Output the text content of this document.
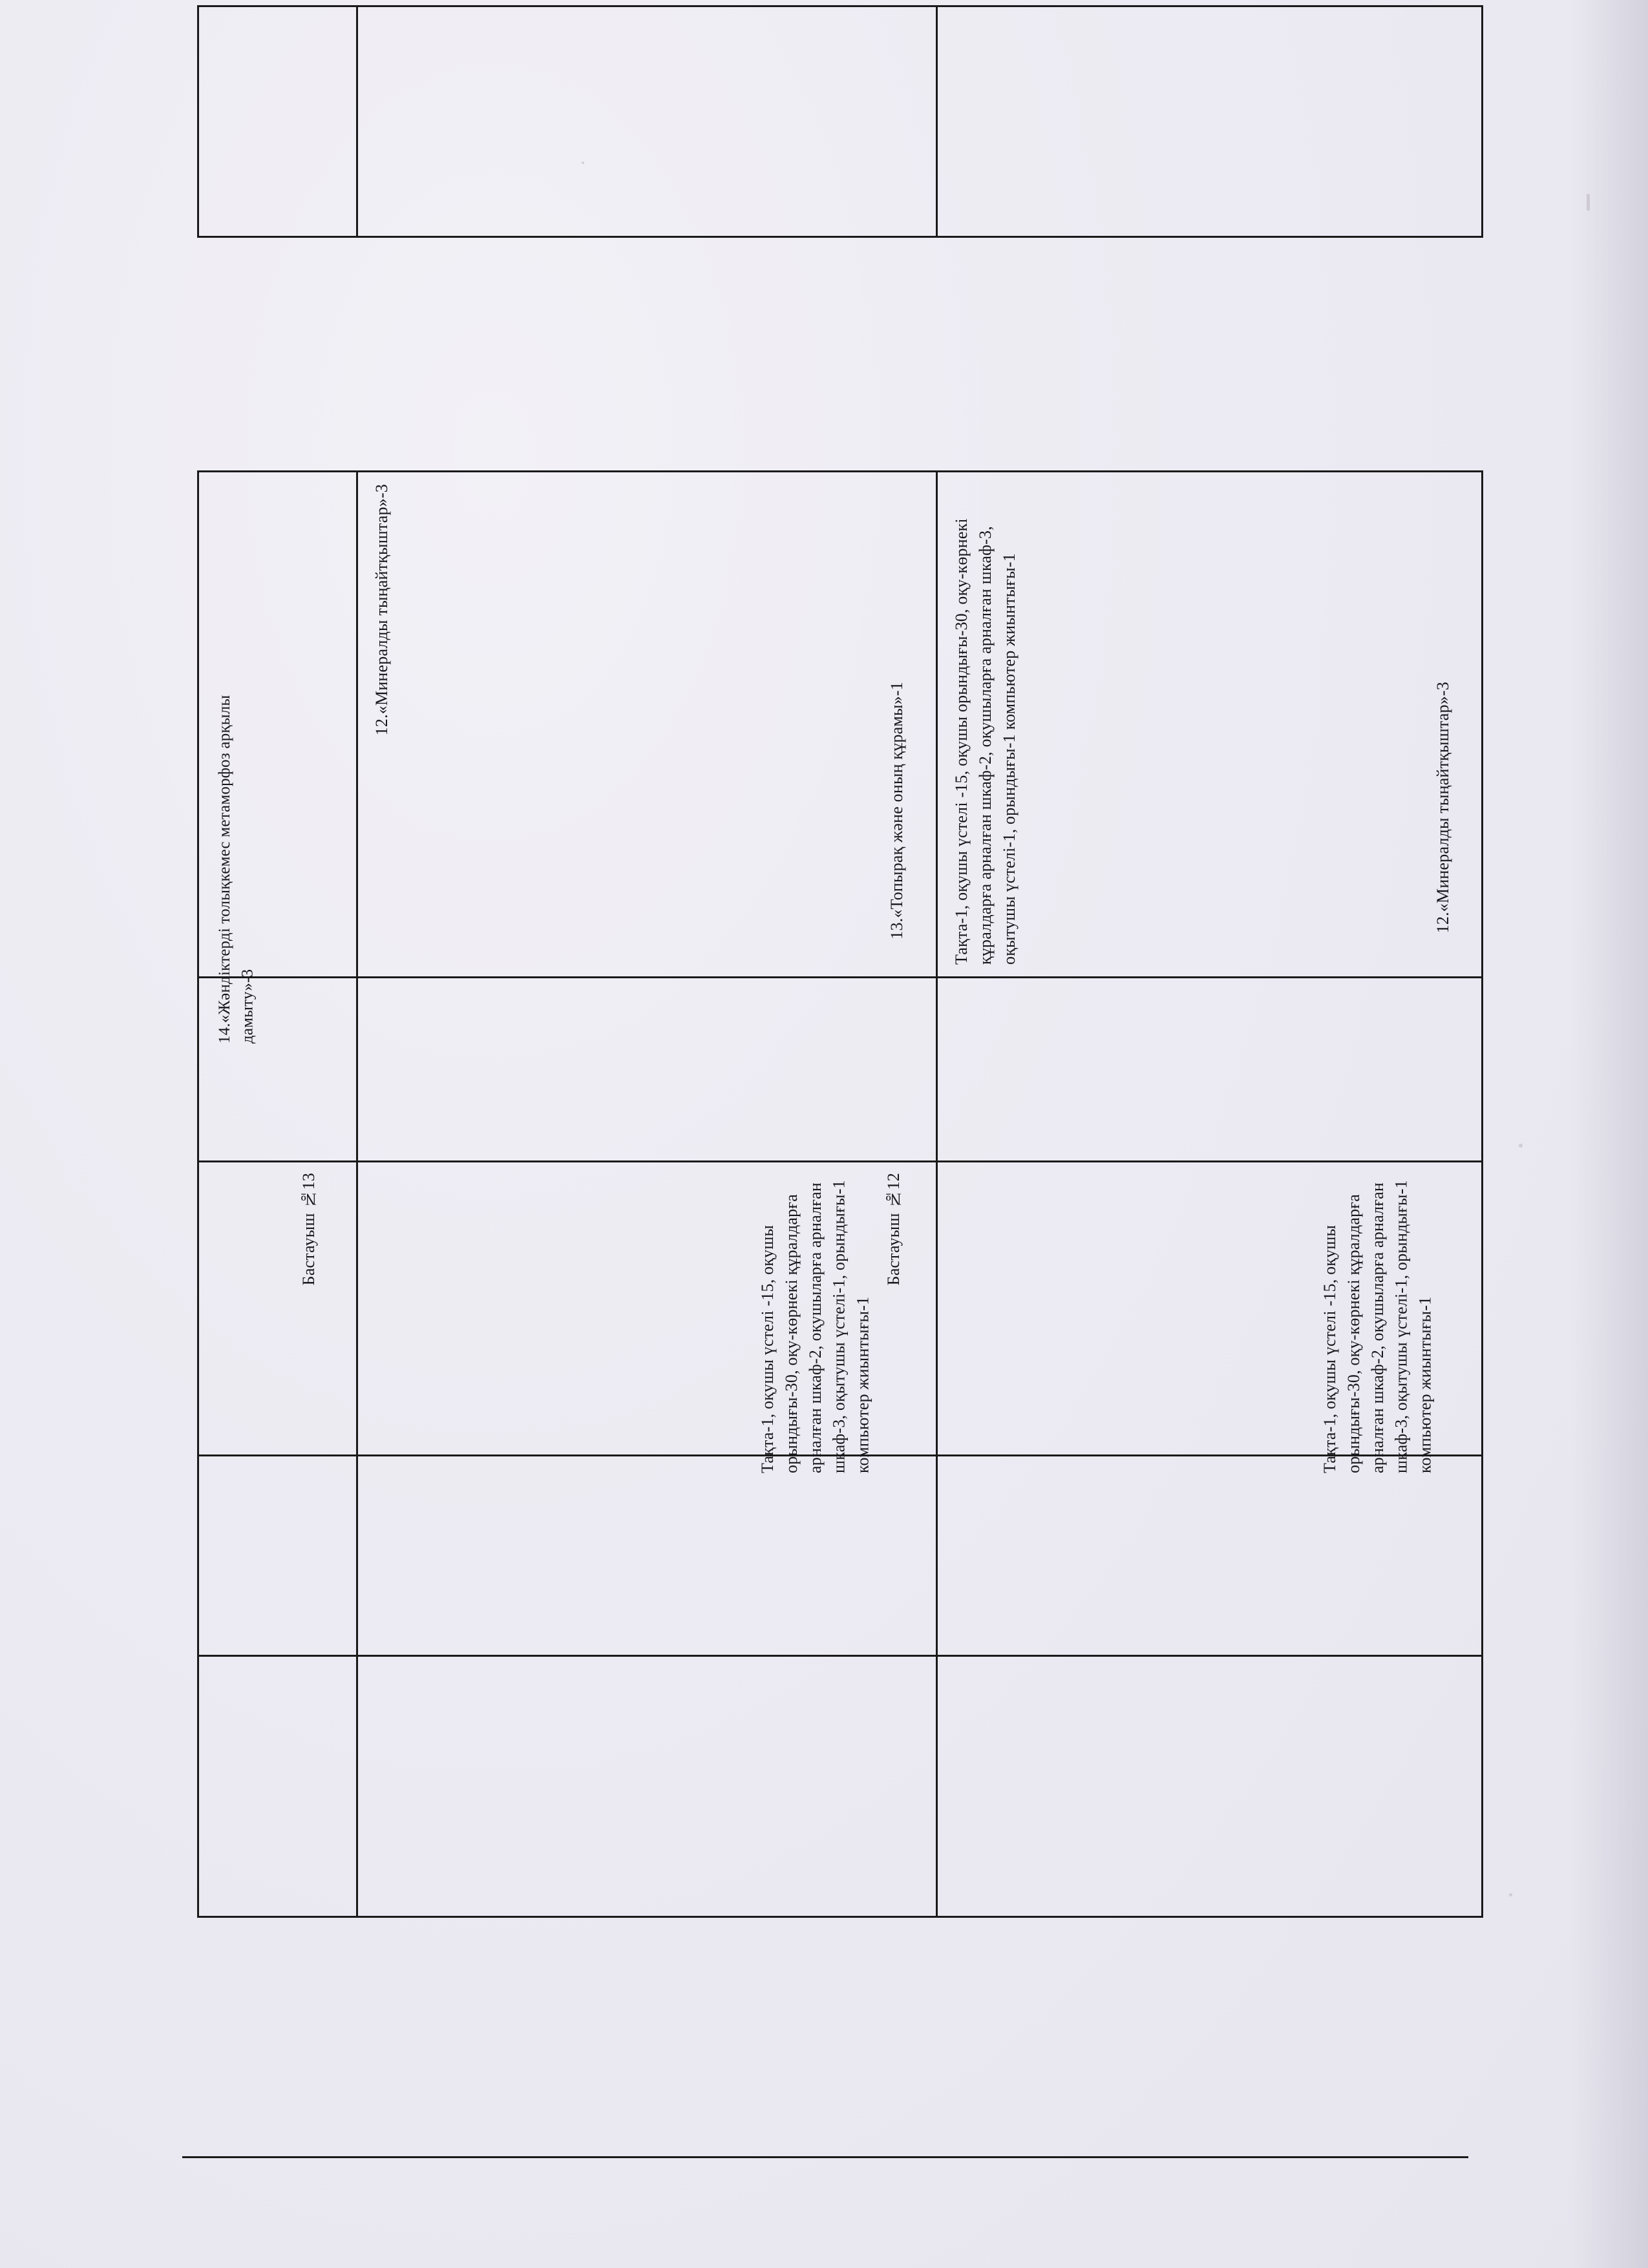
Тақта-1, оқушы үстелі -15, оқушы орындығы-30, оқу-көрнекі құралдарға арналған шкаф-2, оқушыларға арналған шкаф-3, оқытушы үстелі-1, орындығы-1 компьютер жиынтығы-1
12.«Минералды тыңайтқыштар»-3
Тақта-1, оқушы үстелі -15, оқушы орындығы-30, оқу-көрнекі құралдарға арналған шкаф-2, оқушыларға арналған шкаф-3, оқытушы үстелі-1, орындығы-1 компьютер жиынтығы-1
12.«Минералды тыңайтқыштар»-3
13.«Топырақ және оның құрамы»-1
14.«Жәндіктерді толықкемес метаморфоз арқылы дамыту»-3
Тақта-1, оқушы үстелі -15, оқушы орындығы-30, оқу-көрнекі құралдарға арналған шкаф-2, оқушыларға арналған шкаф-3, оқытушы үстелі-1, орындығы-1 компьютер жиынтығы-1
Бастауыш №12
Бастауыш №13
